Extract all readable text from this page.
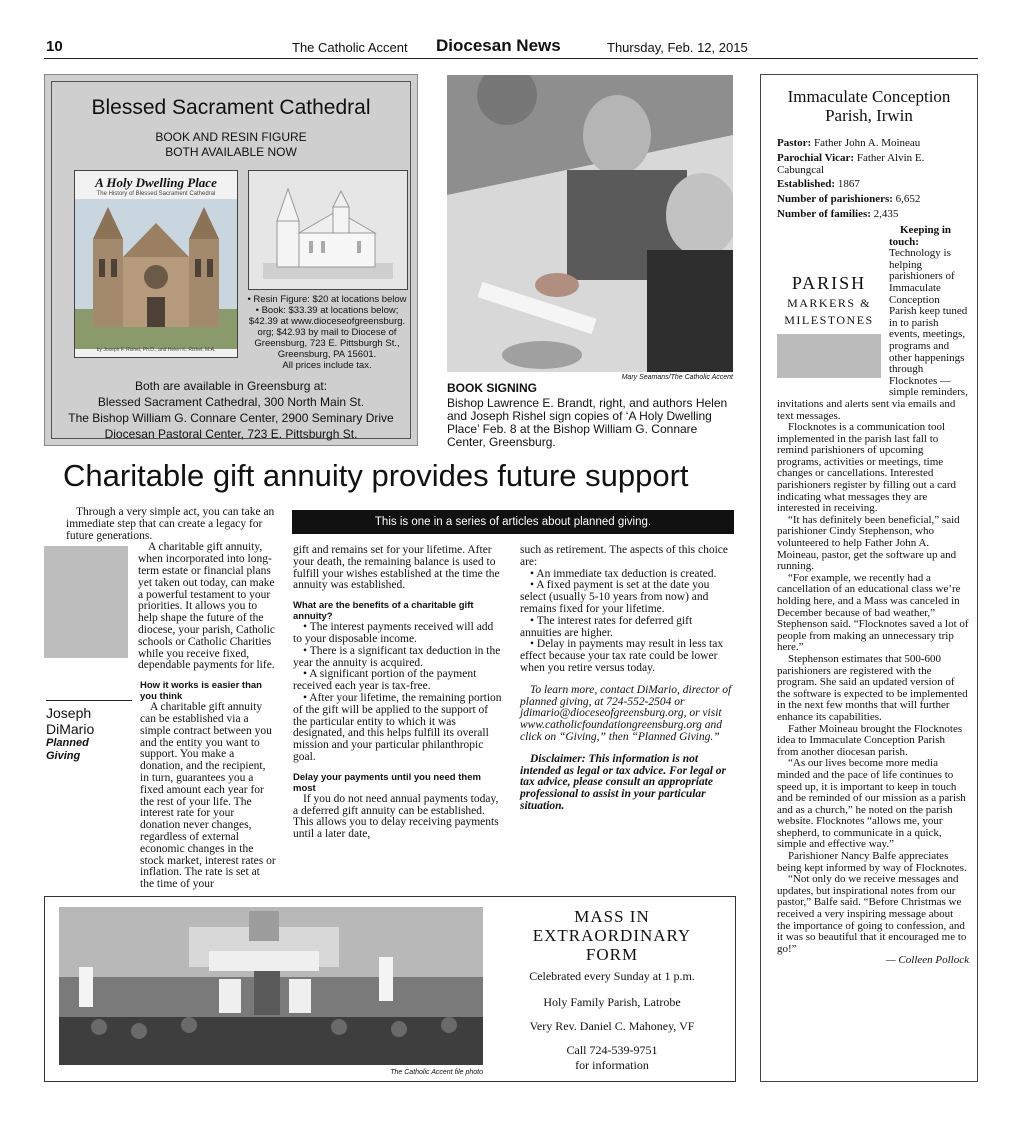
10	The Catholic Accent Diocesan News	Thursday, Feb. 12, 2015
Blessed Sacrament Cathedral
BOOK AND RESIN FIGURE
BOTH AVAILABLE NOW
A Holy Dwelling Place
The History of Blessed Sacrament Cathedral
by Joseph F. Rishel, Ph.D., and Helen K. Rishel, M.A.
• Resin Figure: $20 at locations below
• Book: $33.39 at locations below;
$42.39 at www.dioceseofgreensburg.
org; $42.93 by mail to Diocese of
Greensburg, 723 E. Pittsburgh St.,
Greensburg, PA 15601.
All prices include tax.
Both are available in Greensburg at:
Blessed Sacrament Cathedral, 300 North Main St.
The Bishop William G. Connare Center, 2900 Seminary Drive
Diocesan Pastoral Center, 723 E. Pittsburgh St.
Mary Seamans/The Catholic Accent
BOOK SIGNING
Bishop Lawrence E. Brandt, right, and authors Helen and Joseph Rishel sign copies of ‘A Holy Dwelling Place’ Feb. 8 at the Bishop William G. Connare Center, Greensburg.
Immaculate Conception
Parish, Irwin
Pastor: Father John A. Moineau
Parochial Vicar: Father Alvin E. Cabungcal
Established: 1867
Number of parishioners: 6,652
Number of families: 2,435
PARISH
MARKERS &
MILESTONES

Keeping in touch: Technology is helping parishioners of Immaculate Conception Parish keep tuned in to parish events, meetings, programs and other happenings through Flocknotes — simple reminders, invitations and alerts sent via emails and text messages.

Flocknotes is a communication tool implemented in the parish last fall to remind parishioners of upcoming programs, activities or meetings, time changes or cancellations. Interested parishioners register by filling out a card indicating what messages they are interested in receiving.

“It has definitely been beneficial,” said parishioner Cindy Stephenson, who volunteered to help Father John A. Moineau, pastor, get the software up and running.

“For example, we recently had a cancellation of an educational class we’re holding here, and a Mass was canceled in December because of bad weather,” Stephenson said. “Flocknotes saved a lot of people from making an unnecessary trip here.”

Stephenson estimates that 500-600 parishioners are registered with the program. She said an updated version of the software is expected to be implemented in the next few months that will further enhance its capabilities.

Father Moineau brought the Flocknotes idea to Immaculate Conception Parish from another diocesan parish.

“As our lives become more media minded and the pace of life continues to speed up, it is important to keep in touch and be reminded of our mission as a parish and as a church,” he noted on the parish website. Flocknotes “allows me, your shepherd, to communicate in a quick, simple and effective way.”

Parishioner Nancy Balfe appreciates being kept informed by way of Flocknotes.

“Not only do we receive messages and updates, but inspirational notes from our pastor,” Balfe said. “Before Christmas we received a very inspiring message about the importance of going to confession, and it was so beautiful that it encouraged me to go!”

— Colleen Pollock

Charitable gift annuity provides future support
This is one in a series of articles about planned giving.

Through a very simple act, you can take an immediate step that can create a legacy for future generations.

A charitable gift annuity, when incorporated into long-term estate or financial plans yet taken out today, can make a powerful testament to your priorities. It allows you to help shape the future of the diocese, your parish, Catholic schools or Catholic Charities while you receive fixed, dependable payments for life.

How it works is easier than you think

A charitable gift annuity can be established via a simple contract between you and the entity you want to support. You make a donation, and the recipient, in turn, guarantees you a fixed amount each year for the rest of your life. The interest rate for your donation never changes, regardless of external economic changes in the stock market, interest rates or inflation. The rate is set at the time of your

Joseph
DiMario
Planned
Giving

gift and remains set for your lifetime. After your death, the remaining balance is used to fulfill your wishes established at the time the annuity was established.

What are the benefits of a charitable gift annuity?

• The interest payments received will add to your disposable income.

• There is a significant tax deduction in the year the annuity is acquired.

• A significant portion of the payment received each year is tax-free.

• After your lifetime, the remaining portion of the gift will be applied to the support of the particular entity to which it was designated, and this helps fulfill its overall mission and your particular philanthropic goal.

Delay your payments until you need them most

If you do not need annual payments today, a deferred gift annuity can be established. This allows you to delay receiving payments until a later date,

such as retirement. The aspects of this choice are:

• An immediate tax deduction is created.

• A fixed payment is set at the date you select (usually 5-10 years from now) and remains fixed for your lifetime.

• The interest rates for deferred gift annuities are higher.

• Delay in payments may result in less tax effect because your tax rate could be lower when you retire versus today.

To learn more, contact DiMario, director of planned giving, at 724-552-2504 or jdimario@dioceseofgreensburg.org, or visit www.catholicfoundationgreensburg.org and click on “Giving,” then “Planned Giving.”

Disclaimer: This information is not intended as legal or tax advice. For legal or tax advice, please consult an appropriate professional to assist in your particular situation.

The Catholic Accent file photo
MASS IN
EXTRAORDINARY
FORM
Celebrated every Sunday at 1 p.m.
Holy Family Parish, Latrobe
Very Rev. Daniel C. Mahoney, VF
Call 724-539-9751
for information
